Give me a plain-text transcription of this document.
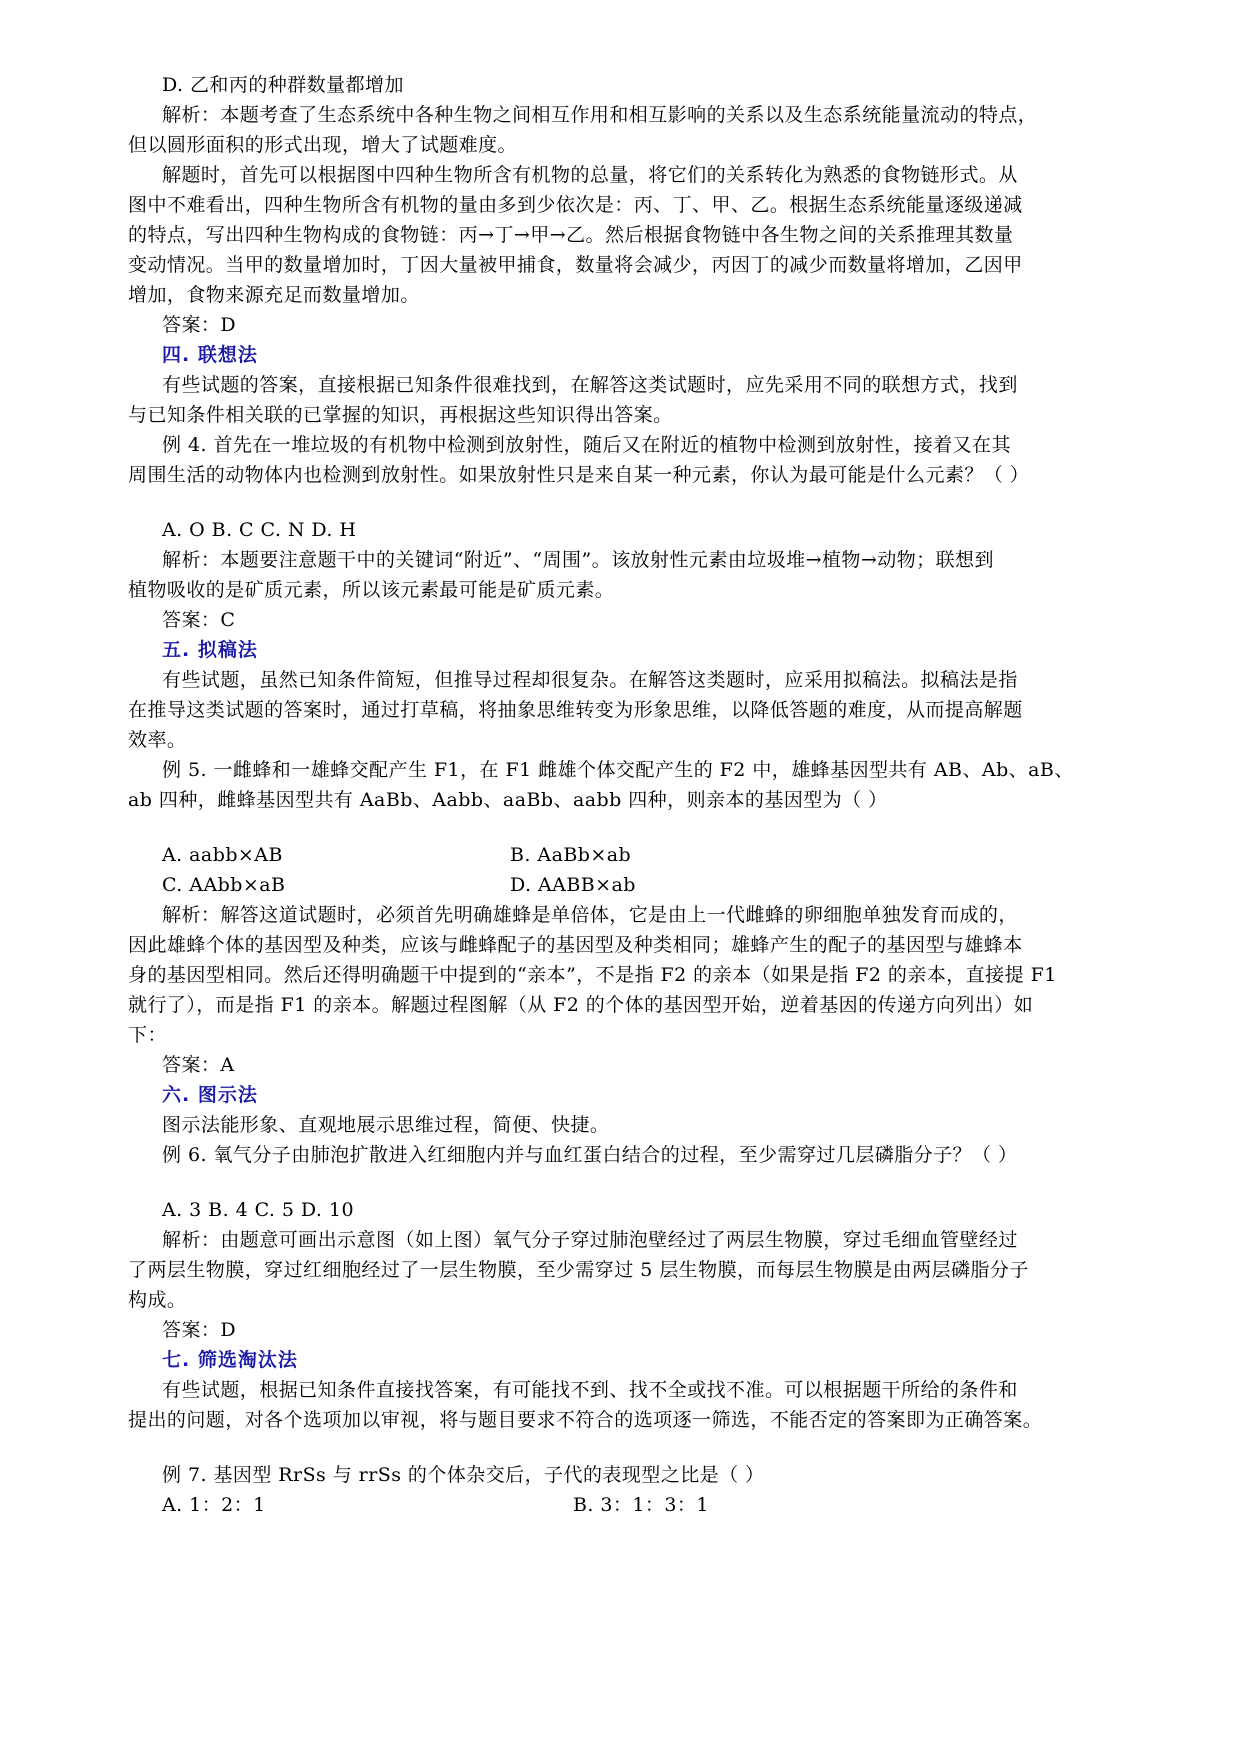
D. 乙和丙的种群数量都增加
解析：本题考查了生态系统中各种生物之间相互作用和相互影响的关系以及生态系统能量流动的特点，
但以圆形面积的形式出现，增大了试题难度。
解题时，首先可以根据图中四种生物所含有机物的总量，将它们的关系转化为熟悉的食物链形式。从
图中不难看出，四种生物所含有机物的量由多到少依次是：丙、丁、甲、乙。根据生态系统能量逐级递减
的特点，写出四种生物构成的食物链：丙→丁→甲→乙。然后根据食物链中各生物之间的关系推理其数量
变动情况。当甲的数量增加时，丁因大量被甲捕食，数量将会减少，丙因丁的减少而数量将增加，乙因甲
增加，食物来源充足而数量增加。
答案：D
四. 联想法
有些试题的答案，直接根据已知条件很难找到，在解答这类试题时，应先采用不同的联想方式，找到
与已知条件相关联的已掌握的知识，再根据这些知识得出答案。
例 4. 首先在一堆垃圾的有机物中检测到放射性，随后又在附近的植物中检测到放射性，接着又在其
周围生活的动物体内也检测到放射性。如果放射性只是来自某一种元素，你认为最可能是什么元素？（ ）
A. O B. C C. N D. H
解析：本题要注意题干中的关键词“附近”、“周围”。该放射性元素由垃圾堆→植物→动物；联想到
植物吸收的是矿质元素，所以该元素最可能是矿质元素。
答案：C
五. 拟稿法
有些试题，虽然已知条件简短，但推导过程却很复杂。在解答这类题时，应采用拟稿法。拟稿法是指
在推导这类试题的答案时，通过打草稿，将抽象思维转变为形象思维，以降低答题的难度，从而提高解题
效率。
例 5. 一雌蜂和一雄蜂交配产生 F1，在 F1 雌雄个体交配产生的 F2 中，雄蜂基因型共有 AB、Ab、aB、
ab 四种，雌蜂基因型共有 AaBb、Aabb、aaBb、aabb 四种，则亲本的基因型为（ ）
A. aabb×AB	B. AaBb×ab
C. AAbb×aB	D. AABB×ab
解析：解答这道试题时，必须首先明确雄蜂是单倍体，它是由上一代雌蜂的卵细胞单独发育而成的，
因此雄蜂个体的基因型及种类，应该与雌蜂配子的基因型及种类相同；雄蜂产生的配子的基因型与雄蜂本
身的基因型相同。然后还得明确题干中提到的“亲本”，不是指 F2 的亲本（如果是指 F2 的亲本，直接提 F1
就行了），而是指 F1 的亲本。解题过程图解（从 F2 的个体的基因型开始，逆着基因的传递方向列出）如
下：
答案：A
六. 图示法
图示法能形象、直观地展示思维过程，简便、快捷。
例 6. 氧气分子由肺泡扩散进入红细胞内并与血红蛋白结合的过程，至少需穿过几层磷脂分子？（ ）
A. 3 B. 4 C. 5 D. 10
解析：由题意可画出示意图（如上图）氧气分子穿过肺泡壁经过了两层生物膜，穿过毛细血管壁经过
了两层生物膜，穿过红细胞经过了一层生物膜，至少需穿过 5 层生物膜，而每层生物膜是由两层磷脂分子
构成。
答案：D
七. 筛选淘汰法
有些试题，根据已知条件直接找答案，有可能找不到、找不全或找不准。可以根据题干所给的条件和
提出的问题，对各个选项加以审视，将与题目要求不符合的选项逐一筛选，不能否定的答案即为正确答案。
例 7. 基因型 RrSs 与 rrSs 的个体杂交后，子代的表现型之比是（ ）
A. 1：2：1	B. 3：1：3：1
